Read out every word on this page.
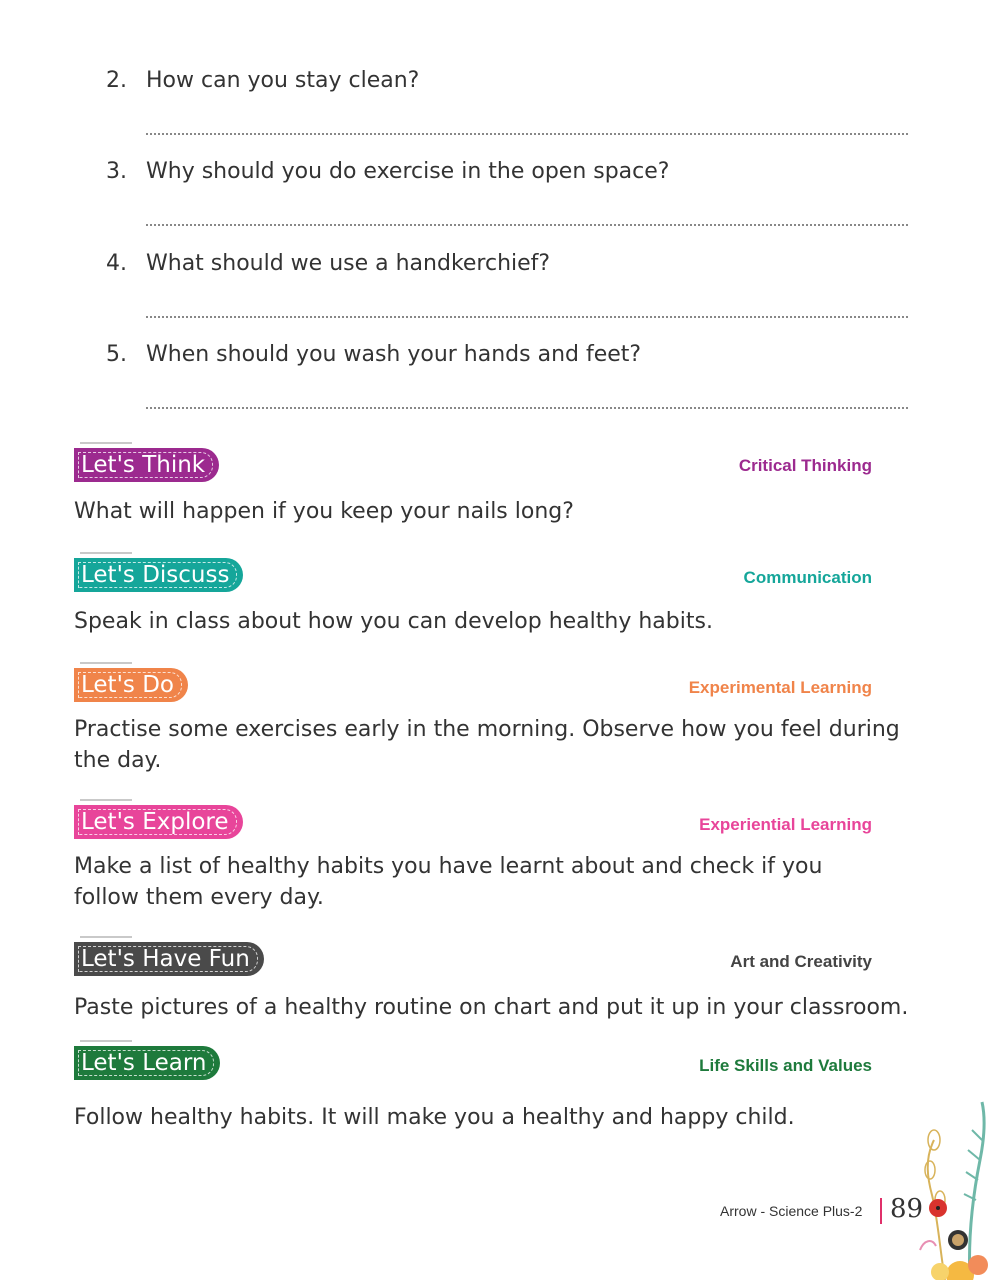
2. How can you stay clean?
3. Why should you do exercise in the open space?
4. What should we use a handkerchief?
5. When should you wash your hands and feet?
Let's Think	Critical Thinking
What will happen if you keep your nails long?
Let's Discuss	Communication
Speak in class about how you can develop healthy habits.
Let's Do	Experimental Learning
Practise some exercises early in the morning. Observe how you feel during the day.
Let's Explore	Experiential Learning
Make a list of healthy habits you have learnt about and check if you follow them every day.
Let's Have Fun	Art and Creativity
Paste pictures of a healthy routine on chart and put it up in your classroom.
Let's Learn	Life Skills and Values
Follow healthy habits. It will make you a healthy and happy child.
Arrow - Science Plus-2 89
